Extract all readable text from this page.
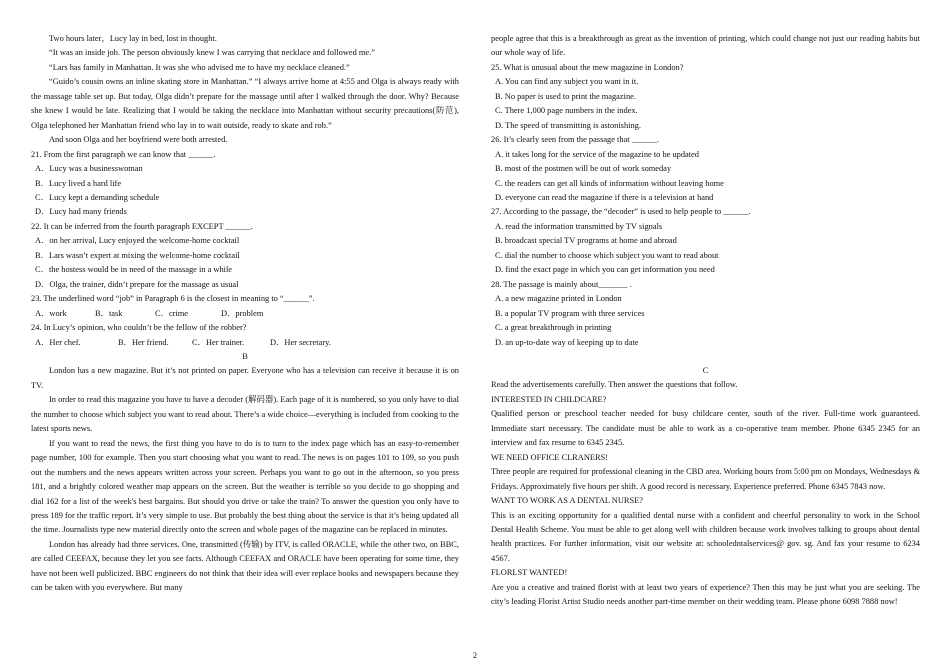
Two hours later，Lucy lay in bed, lost in thought.

“It was an inside job. The person obviously knew I was carrying that necklace and followed me.”

“Lars has family in Manhattan. It was she who advised me to have my necklace cleaned.”

“Guido’s cousin owns an inline skating store in Manhattan.” “I always arrive home at 4:55 and Olga is always ready with the massage table set up. But today, Olga didn’t prepare for the massage until after I walked through the door. Why? Because she knew I would be late. Realizing that I would be taking the necklace into Manhattan without security precautions(防范), Olga telephoned her Manhattan friend who lay in to wait outside, ready to skate and rob.”

And soon Olga and her boyfriend were both arrested.

21. From the first paragraph we can know that ______.

A．Lucy was a businesswoman

B．Lucy lived a hard life

C．Lucy kept a demanding schedule

D．Lucy had many friends

22. It can be inferred from the fourth paragraph EXCEPT ______.

A．on her arrival, Lucy enjoyed the welcome-home cocktail

B．Lars wasn’t expert at mixing the welcome-home cocktail

C．the hostess would be in need of the massage in a while

D．Olga, the trainer, didn’t prepare for the massage as usual

23. The underlined word “job” in Paragraph 6 is the closest in meaning to “______”.

A．work	B．task	C．crime	D．problem

24. In Lucy’s opinion, who couldn’t be the fellow of the robber?

A．Her chef.	B．Her friend.	C．Her trainer.	D．Her secretary.

B

London has a new magazine. But it’s not printed on paper. Everyone who has a television can receive it because it is on TV.

In order to read this magazine you have to have a decoder (解码器). Each page of it is numbered, so you only have to dial the number to choose which subject you want to read about. There’s a wide choice—everything is included from cooking to the latest sports news.

If you want to read the news, the first thing you have to do is to turn to the index page which has an easy-to-remember page number, 100 for example. Then you start choosing what you want to read. The news is on pages 101 to 109, so you push out the numbers and the news appears written across your screen. Perhaps you want to go out in the afternoon, so you press 181, and a brightly colored weather map appears on the screen. But the weather is terrible so you decide to go shopping and dial 162 for a list of the week's best bargains. But should you drive or take the train? To answer the question you only have to press 189 for the traffic report. It’s very simple to use. But probably the best thing about the service is that it’s being updated all the time. Journalists type new material directly onto the screen and whole pages of the magazine can be replaced in minutes.

London has already had three services. One, transmitted (传输) by ITV, is called ORACLE, while the other two, on BBC, are called CEEFAX, because they let you see facts. Although CEEFAX and ORACLE have been operating for some time, they have not been well publicized. BBC engineers do not think that their idea will ever replace books and newspapers because they can be taken with you everywhere. But many

people agree that this is a breakthrough as great as the invention of printing, which could change not just our reading habits but our whole way of life.

25. What is unusual about the mew magazine in London?

A. You can find any subject you want in it.

B. No paper is used to print the magazine.

C. There 1,000 page numbers in the index.

D. The speed of transmitting is astonishing.

26. It’s clearly seen from the passage that ______.

A. it takes long for the service of the magazine to be updated

B. most of the postmen will be out of work someday

C. the readers can get all kinds of information without leaving home

D. everyone can read the magazine if there is a television at hand

27. According to the passage, the “decoder” is used to help people to ______.

A. read the information transmitted by TV signals

B. broadcast special TV programs at home and abroad

C. dial the number to choose which subject you want to read about

D. find the exact page in which you can get information you need

28. The passage is mainly about_______ .

A. a new magazine printed in London

B. a popular TV program with three services

C. a great breakthrough in printing

D. an up-to-date way of keeping up to date

C

Read the advertisements carefully. Then answer the questions that follow.

INTERESTED IN CHILDCARE?

Qualified person or preschool teacher needed for busy childcare center, south of the river. Full-time work guaranteed. Immediate start necessary. The candidate must be able to work as a co-operative team member. Phone 6345 2345 for an interview and fax resume to 6345 2345.

WE NEED OFFICE CLRANERS!

Three people are required for professional cleaning in the CBD area. Working hours from 5:00 pm on Mondays, Wednesdays & Fridays. Approximately five hours per shift. A good record is necessary. Experience preferred. Phone 6345 7843 now.

WANT TO WORK AS A DENTAL NURSE?

This is an exciting opportunity for a qualified dental nurse with a confident and cheerful personality to work in the School Dental Health Scheme. You must be able to get along well with children because work involves talking to groups about dental health practices. For further information, visit our website at: schooledntalservices@ gov. sg. And fax your resume to 6234 4567.

FLORLST WANTED!

Are you a creative and trained florist with at least two years of experience? Then this may be just what you are seeking. The city’s leading Florist Artist Studio needs another part-time member on their wedding team. Please phone 6098 7888 now!

2
